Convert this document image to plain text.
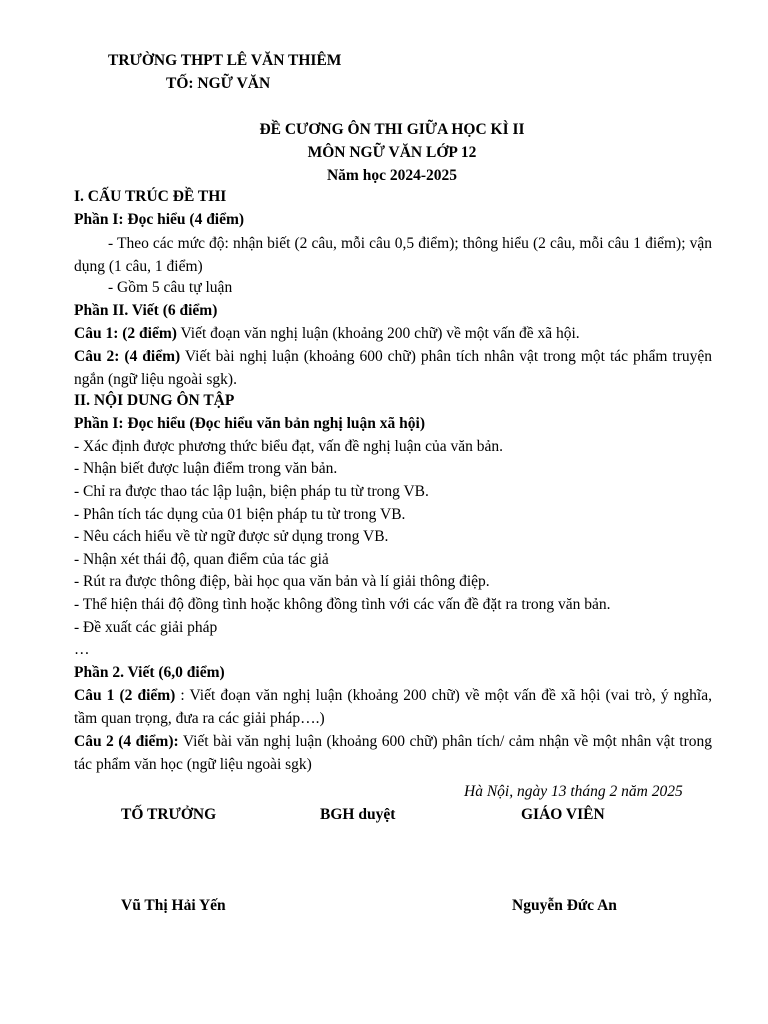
TRƯỜNG THPT LÊ VĂN THIÊM
TỐ: NGỮ VĂN
ĐỀ CƯƠNG ÔN THI GIỮA HỌC KÌ II
MÔN NGỮ VĂN LỚP 12
Năm học 2024-2025
I. CẤU TRÚC ĐỀ THI
Phần I: Đọc hiểu (4 điểm)
- Theo các mức độ: nhận biết (2 câu, mỗi câu 0,5 điểm); thông hiểu (2 câu, mỗi câu 1 điểm); vận dụng (1 câu, 1 điểm)
- Gồm 5 câu tự luận
Phần II. Viết (6 điểm)
Câu 1: (2 điểm) Viết đoạn văn nghị luận (khoảng 200 chữ) về một vấn đề xã hội.
Câu 2: (4 điểm) Viết bài nghị luận (khoảng 600 chữ) phân tích nhân vật trong một tác phẩm truyện ngắn (ngữ liệu ngoài sgk).
II. NỘI DUNG ÔN TẬP
Phần I: Đọc hiểu (Đọc hiểu văn bản nghị luận xã hội)
- Xác định được phương thức biểu đạt, vấn đề nghị luận của văn bản.
- Nhận biết được luận điểm trong văn bản.
- Chỉ ra được thao tác lập luận, biện pháp tu từ trong VB.
- Phân tích tác dụng của 01 biện pháp tu từ trong VB.
- Nêu cách hiểu về từ ngữ được sử dụng trong VB.
- Nhận xét thái độ, quan điểm của tác giả
- Rút ra được thông điệp, bài học qua văn bản và lí giải thông điệp.
- Thể hiện thái độ đồng tình hoặc không đồng tình với các vấn đề đặt ra trong văn bản.
- Đề xuất các giải pháp
…
Phần 2. Viết (6,0 điểm)
Câu 1 (2 điểm) : Viết đoạn văn nghị luận (khoảng 200 chữ) về một vấn đề xã hội (vai trò, ý nghĩa, tầm quan trọng, đưa ra các giải pháp….)
Câu 2 (4 điểm): Viết bài văn nghị luận (khoảng 600 chữ) phân tích/ cảm nhận về một nhân vật trong tác phẩm văn học (ngữ liệu ngoài sgk)
Hà Nội, ngày 13 tháng 2 năm 2025
TỐ TRƯỞNG	BGH duyệt	GIÁO VIÊN
Vũ Thị Hải Yến	Nguyễn Đức An
